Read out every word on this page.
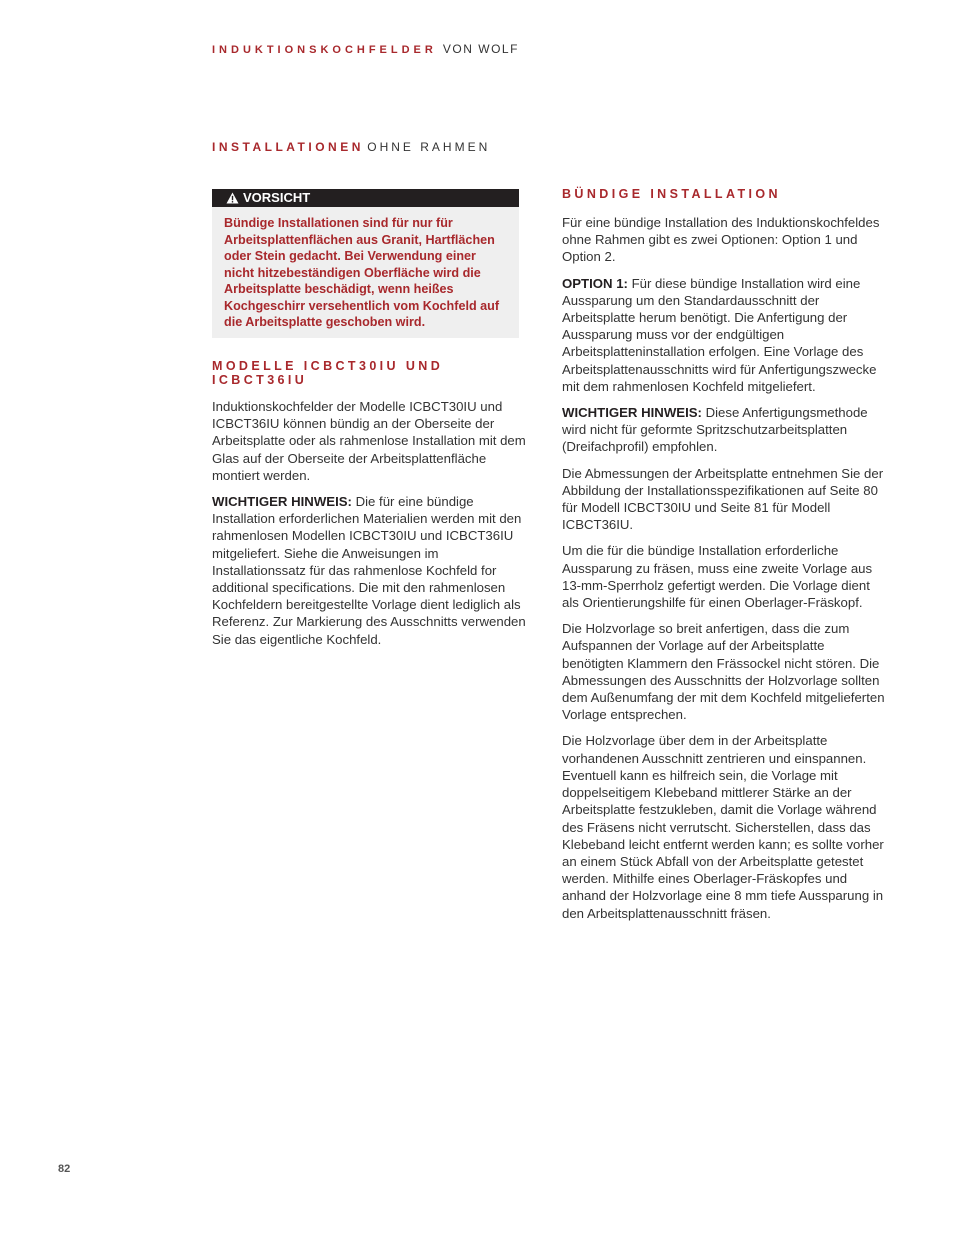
INDUKTIONSKOCHFELDER VON WOLF
INSTALLATIONEN OHNE RAHMEN
VORSICHT
Bündige Installationen sind für nur für Arbeitsplattenflächen aus Granit, Hartflächen oder Stein gedacht. Bei Verwendung einer nicht hitzebeständigen Oberfläche wird die Arbeitsplatte beschädigt, wenn heißes Kochgeschirr versehentlich vom Kochfeld auf die Arbeitsplatte geschoben wird.
MODELLE ICBCT30IU UND ICBCT36IU

Induktionskochfelder der Modelle ICBCT30IU und ICBCT36IU können bündig an der Oberseite der Arbeitsplatte oder als rahmenlose Installation mit dem Glas auf der Oberseite der Arbeitsplattenfläche montiert werden.

WICHTIGER HINWEIS: Die für eine bündige Installation erforderlichen Materialien werden mit den rahmenlosen Modellen ICBCT30IU und ICBCT36IU mitgeliefert. Siehe die Anweisungen im Installationssatz für das rahmenlose Kochfeld for additional specifications. Die mit den rahmenlosen Kochfeldern bereitgestellte Vorlage dient lediglich als Referenz. Zur Markierung des Ausschnitts verwenden Sie das eigentliche Kochfeld.

BÜNDIGE INSTALLATION

Für eine bündige Installation des Induktionskochfeldes ohne Rahmen gibt es zwei Optionen: Option 1 und Option 2.

OPTION 1: Für diese bündige Installation wird eine Aussparung um den Standardausschnitt der Arbeitsplatte herum benötigt. Die Anfertigung der Aussparung muss vor der endgültigen Arbeitsplatteninstallation erfolgen. Eine Vorlage des Arbeitsplattenausschnitts wird für Anfertigungszwecke mit dem rahmenlosen Kochfeld mitgeliefert.

WICHTIGER HINWEIS: Diese Anfertigungsmethode wird nicht für geformte Spritzschutzarbeitsplatten (Dreifachprofil) empfohlen.

Die Abmessungen der Arbeitsplatte entnehmen Sie der Abbildung der Installationsspezifikationen auf Seite 80 für Modell ICBCT30IU und Seite 81 für Modell ICBCT36IU.

Um die für die bündige Installation erforderliche Aussparung zu fräsen, muss eine zweite Vorlage aus 13-mm-Sperrholz gefertigt werden. Die Vorlage dient als Orientierungshilfe für einen Oberlager-Fräskopf.

Die Holzvorlage so breit anfertigen, dass die zum Aufspannen der Vorlage auf der Arbeitsplatte benötigten Klammern den Frässockel nicht stören. Die Abmessungen des Ausschnitts der Holzvorlage sollten dem Außenumfang der mit dem Kochfeld mitgelieferten Vorlage entsprechen.

Die Holzvorlage über dem in der Arbeitsplatte vorhandenen Ausschnitt zentrieren und einspannen. Eventuell kann es hilfreich sein, die Vorlage mit doppelseitigem Klebeband mittlerer Stärke an der Arbeitsplatte festzukleben, damit die Vorlage während des Fräsens nicht verrutscht. Sicherstellen, dass das Klebeband leicht entfernt werden kann; es sollte vorher an einem Stück Abfall von der Arbeitsplatte getestet werden. Mithilfe eines Oberlager-Fräskopfes und anhand der Holzvorlage eine 8 mm tiefe Aussparung in den Arbeitsplattenausschnitt fräsen.

82
